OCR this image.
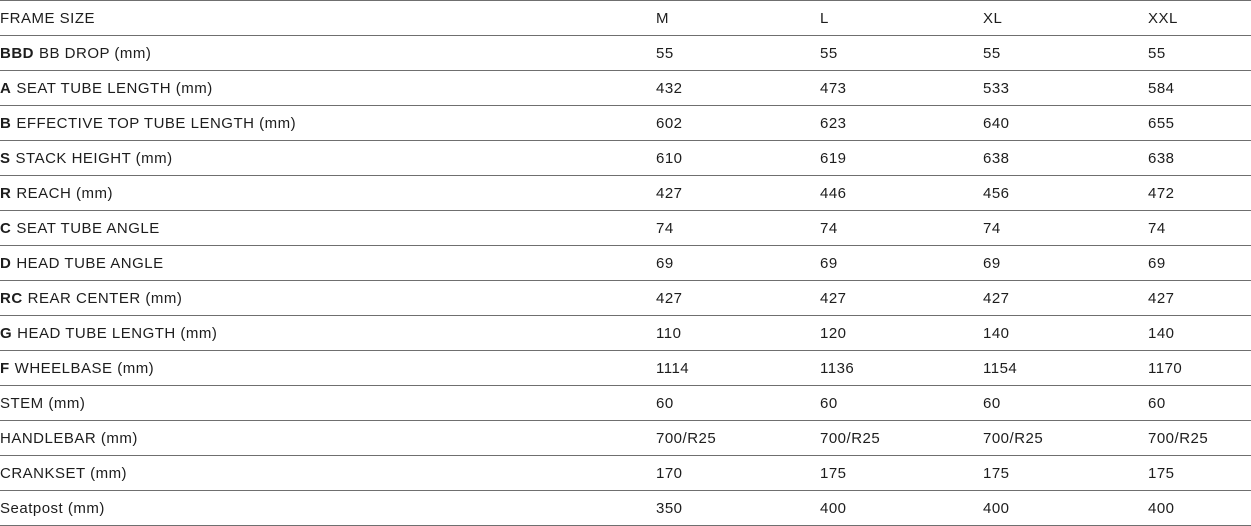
FRAME SIZE	M	L	XL	XXL
BBD BB DROP (mm)	55	55	55	55
A SEAT TUBE LENGTH (mm)	432	473	533	584
B EFFECTIVE TOP TUBE LENGTH (mm)	602	623	640	655
S STACK HEIGHT (mm)	610	619	638	638
R REACH (mm)	427	446	456	472
C SEAT TUBE ANGLE	74	74	74	74
D HEAD TUBE ANGLE	69	69	69	69
RC REAR CENTER (mm)	427	427	427	427
G HEAD TUBE LENGTH (mm)	110	120	140	140
F WHEELBASE (mm)	1114	1136	1154	1170
STEM (mm)	60	60	60	60
HANDLEBAR (mm)	700/R25	700/R25	700/R25	700/R25
CRANKSET (mm)	170	175	175	175
Seatpost (mm)	350	400	400	400
